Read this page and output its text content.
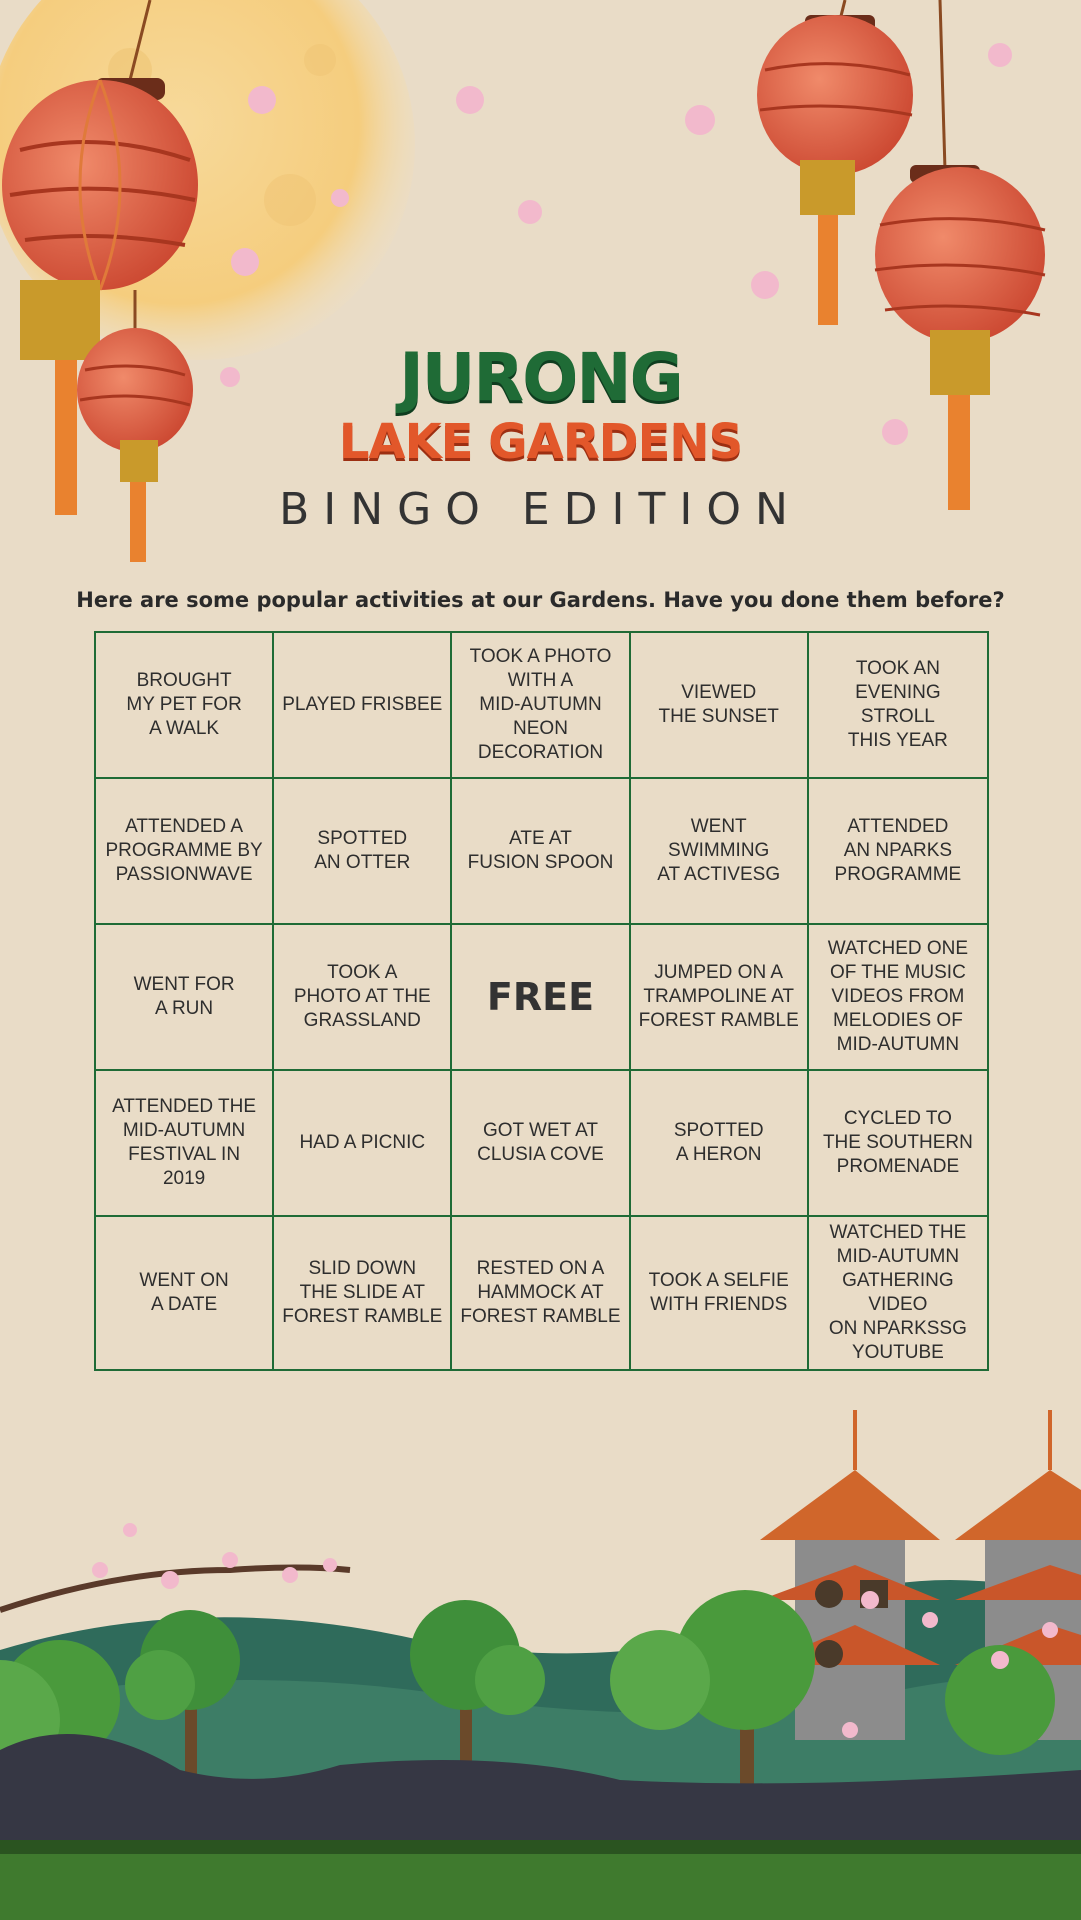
JURONG
LAKE GARDENS
BINGO EDITION
Here are some popular activities at our Gardens. Have you done them before?
BROUGHT
MY PET FOR
A WALK
PLAYED FRISBEE
TOOK A PHOTO
WITH A
MID-AUTUMN
NEON
DECORATION
VIEWED
THE SUNSET
TOOK AN
EVENING
STROLL
THIS YEAR
ATTENDED A
PROGRAMME BY
PASSIONWAVE
SPOTTED
AN OTTER
ATE AT
FUSION SPOON
WENT
SWIMMING
AT ACTIVESG
ATTENDED
AN NPARKS
PROGRAMME
WENT FOR
A RUN
TOOK A
PHOTO AT THE
GRASSLAND
FREE
JUMPED ON A
TRAMPOLINE AT
FOREST RAMBLE
WATCHED ONE
OF THE MUSIC
VIDEOS FROM
MELODIES OF
MID-AUTUMN
ATTENDED THE
MID-AUTUMN
FESTIVAL IN
2019
HAD A PICNIC
GOT WET AT
CLUSIA COVE
SPOTTED
A HERON
CYCLED TO
THE SOUTHERN
PROMENADE
WENT ON
A DATE
SLID DOWN
THE SLIDE AT
FOREST RAMBLE
RESTED ON A
HAMMOCK AT
FOREST RAMBLE
TOOK A SELFIE
WITH FRIENDS
WATCHED THE
MID-AUTUMN
GATHERING VIDEO
ON NPARKSSG
YOUTUBE
